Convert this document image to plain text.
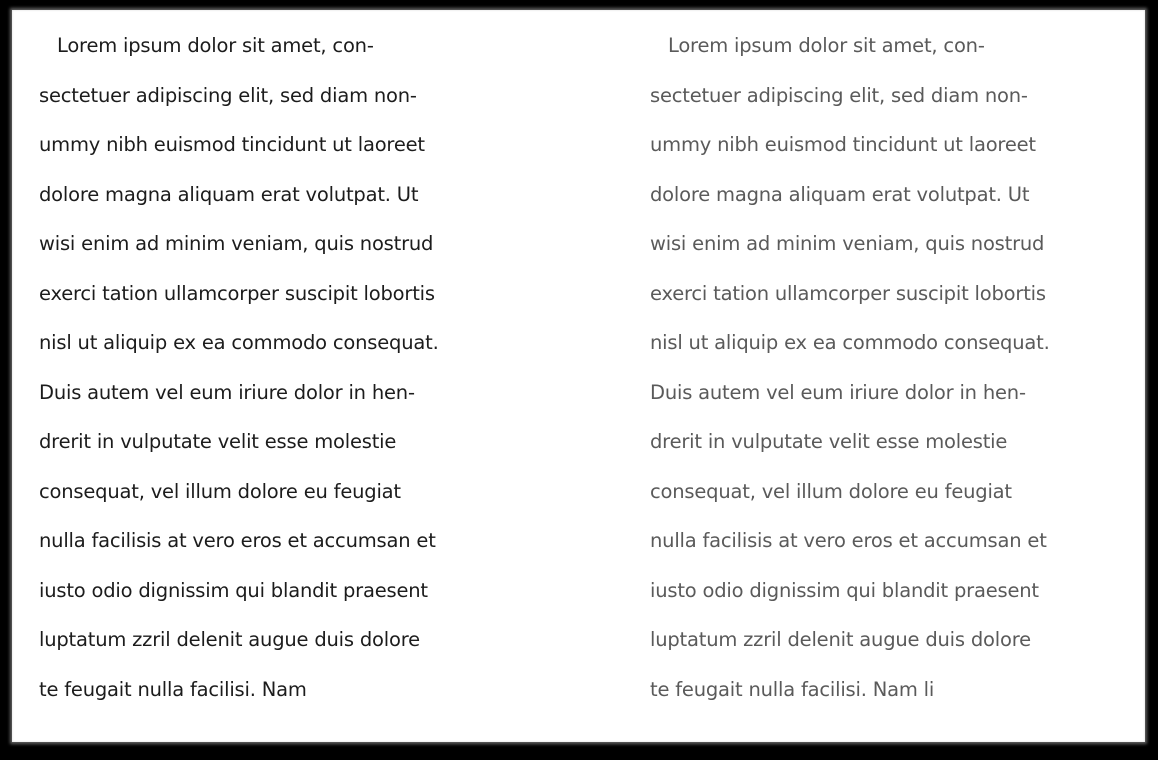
Lorem ipsum dolor sit amet, con-
sectetuer adipiscing elit, sed diam non-
ummy nibh euismod tincidunt ut laoreet
dolore magna aliquam erat volutpat. Ut
wisi enim ad minim veniam, quis nostrud
exerci tation ullamcorper suscipit lobortis
nisl ut aliquip ex ea commodo consequat.
Duis autem vel eum iriure dolor in hen-
drerit in vulputate velit esse molestie
consequat, vel illum dolore eu feugiat
nulla facilisis at vero eros et accumsan et
iusto odio dignissim qui blandit praesent
luptatum zzril delenit augue duis dolore
te feugait nulla facilisi. Nam
Lorem ipsum dolor sit amet, con-
sectetuer adipiscing elit, sed diam non-
ummy nibh euismod tincidunt ut laoreet
dolore magna aliquam erat volutpat. Ut
wisi enim ad minim veniam, quis nostrud
exerci tation ullamcorper suscipit lobortis
nisl ut aliquip ex ea commodo consequat.
Duis autem vel eum iriure dolor in hen-
drerit in vulputate velit esse molestie
consequat, vel illum dolore eu feugiat
nulla facilisis at vero eros et accumsan et
iusto odio dignissim qui blandit praesent
luptatum zzril delenit augue duis dolore
te feugait nulla facilisi. Nam li
